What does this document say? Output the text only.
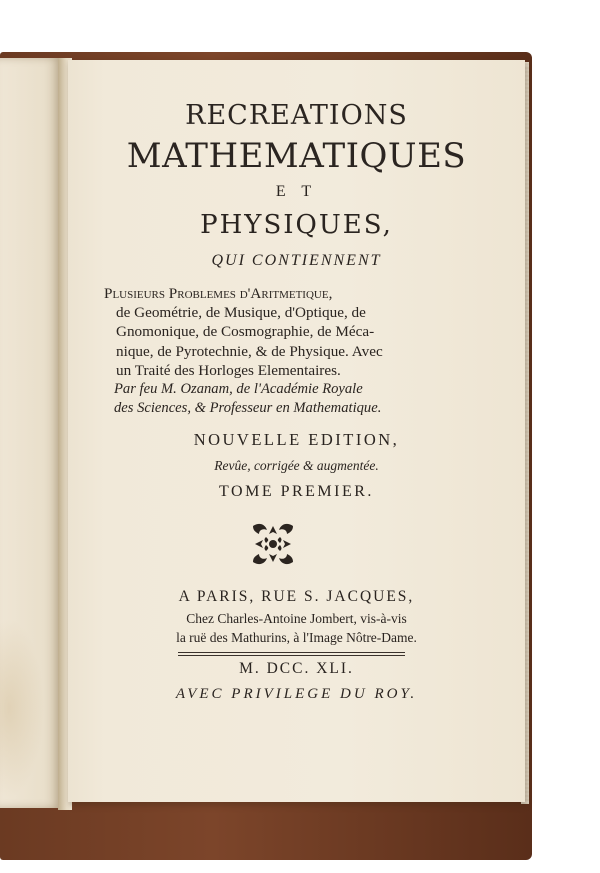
RECREATIONS
MATHEMATIQUES
E T
PHYSIQUES,
QUI CONTIENNENT
Plusieurs Problemes d'Aritmetique,
de Geométrie, de Musique, d'Optique, de
Gnomonique, de Cosmographie, de Méca-
nique, de Pyrotechnie, & de Physique. Avec
un Traité des Horloges Elementaires.
Par feu M. Ozanam, de l'Académie Royale
des Sciences, & Professeur en Mathematique.
NOUVELLE EDITION,
Revûe, corrigée & augmentée.
TOME PREMIER.
A PARIS, RUE S. JACQUES,
Chez Charles-Antoine Jombert, vis-à-vis
la ruë des Mathurins, à l'Image Nôtre-Dame.
M. DCC. XLI.
AVEC PRIVILEGE DU ROY.
